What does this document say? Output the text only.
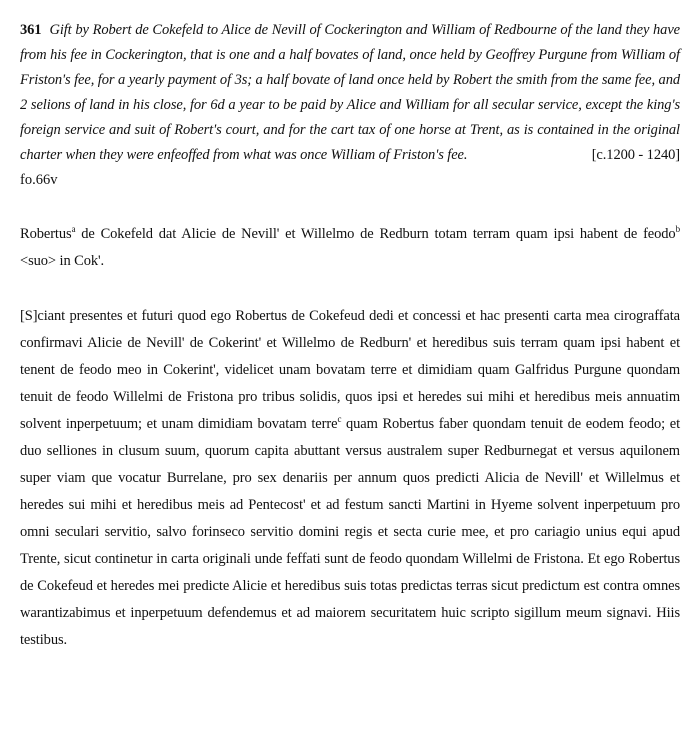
361 Gift by Robert de Cokefeld to Alice de Nevill of Cockerington and William of Redbourne of the land they have from his fee in Cockerington, that is one and a half bovates of land, once held by Geoffrey Purgune from William of Friston's fee, for a yearly payment of 3s; a half bovate of land once held by Robert the smith from the same fee, and 2 selions of land in his close, for 6d a year to be paid by Alice and William for all secular service, except the king's foreign service and suit of Robert's court, and for the cart tax of one horse at Trent, as is contained in the original charter when they were enfeoffed from what was once William of Friston's fee.	[c.1200 - 1240]
fo.66v

Robertus$^a$ de Cokefeld dat Alicie de Nevill' et Willelmo de Redburn totam terram quam ipsi habent de feodo$^b$ <suo> in Cok'.

[S]ciant presentes et futuri quod ego Robertus de Cokefeud dedi et concessi et hac presenti carta mea cirograffata confirmavi Alicie de Nevill' de Cokerint' et Willelmo de Redburn' et heredibus suis terram quam ipsi habent et tenent de feodo meo in Cokerint', videlicet unam bovatam terre et dimidiam quam Galfridus Purgune quondam tenuit de feodo Willelmi de Fristona pro tribus solidis, quos ipsi et heredes sui mihi et heredibus meis annuatim solvent inperpetuum; et unam dimidiam bovatam terre$^c$ quam Robertus faber quondam tenuit de eodem feodo; et duo selliones in clusum suum, quorum capita abuttant versus australem super Redburnegat et versus aquilonem super viam que vocatur Burrelane, pro sex denariis per annum quos predicti Alicia de Nevill' et Willelmus et heredes sui mihi et heredibus meis ad Pentecost' et ad festum sancti Martini in Hyeme solvent inperpetuum pro omni seculari servitio, salvo forinseco servitio domini regis et secta curie mee, et pro cariagio unius equi apud Trente, sicut continetur in carta originali unde feffati sunt de feodo quondam Willelmi de Fristona. Et ego Robertus de Cokefeud et heredes mei predicte Alicie et heredibus suis totas predictas terras sicut predictum est contra omnes warantizabimus et inperpetuum defendemus et ad maiorem securitatem huic scripto sigillum meum signavi. Hiis testibus.
